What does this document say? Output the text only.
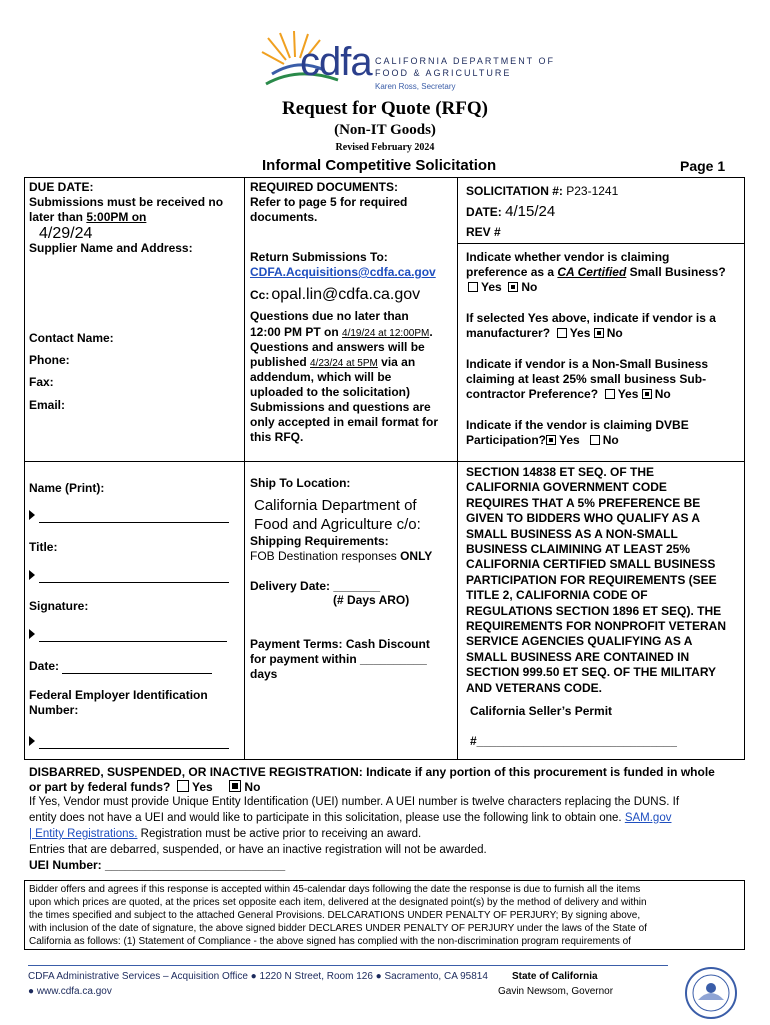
cdfa CALIFORNIA DEPARTMENT OF
FOOD & AGRICULTURE
Karen Ross, Secretary
Request for Quote (RFQ)
(Non-IT Goods)
Revised February 2024
Informal Competitive Solicitation	Page 1
DUE DATE:
Submissions must be received no
later than 5:00PM on
4/29/24
Supplier Name and Address:
Contact Name:
Phone:
Fax:
Email:
Name (Print):
Title:
Signature:
Date:
Federal Employer Identification
Number:
REQUIRED DOCUMENTS:
Refer to page 5 for required
documents.
Return Submissions To:
CDFA.Acquisitions@cdfa.ca.gov
Cc: opal.lin@cdfa.ca.gov
Questions due no later than
12:00 PM PT on 4/19/24 at 12:00PM.
Questions and answers will be
published 4/23/24 at 5PM via an
addendum, which will be
uploaded to the solicitation)
Submissions and questions are
only accepted in email format for
this RFQ.
Ship To Location:
California Department of
Food and Agriculture c/o:
Shipping Requirements:
FOB Destination responses ONLY
Delivery Date: _______
(# Days ARO)
Payment Terms: Cash Discount
for payment within __________
days
SOLICITATION #: P23-1241
DATE: 4/15/24
REV #
Indicate whether vendor is claiming
preference as a CA Certified Small Business?
Yes No
If selected Yes above, indicate if vendor is a
manufacturer? Yes No
Indicate if vendor is a Non-Small Business
claiming at least 25% small business Sub-
contractor Preference? Yes No
Indicate if the vendor is claiming DVBE
Participation? Yes No
SECTION 14838 ET SEQ. OF THE
CALIFORNIA GOVERNMENT CODE
REQUIRES THAT A 5% PREFERENCE BE
GIVEN TO BIDDERS WHO QUALIFY AS A
SMALL BUSINESS AS A NON-SMALL
BUSINESS CLAIMINING AT LEAST 25%
CALIFORNIA CERTIFIED SMALL BUSINESS
PARTICIPATION FOR REQUIREMENTS (SEE
TITLE 2, CALIFORNIA CODE OF
REGULATIONS SECTION 1896 ET SEQ). THE
REQUIREMENTS FOR NONPROFIT VETERAN
SERVICE AGENCIES QUALIFYING AS A
SMALL BUSINESS ARE CONTAINED IN
SECTION 999.50 ET SEQ. OF THE MILITARY
AND VETERANS CODE.
California Seller’s Permit
#______________________________
DISBARRED, SUSPENDED, OR INACTIVE REGISTRATION: Indicate if any portion of this procurement is funded in whole
or part by federal funds? Yes	No
If Yes, Vendor must provide Unique Entity Identification (UEI) number. A UEI number is twelve characters replacing the DUNS. If
entity does not have a UEI and would like to participate in this solicitation, please use the following link to obtain one. SAM.gov
| Entity Registrations. Registration must be active prior to receiving an award.
Entries that are debarred, suspended, or have an inactive registration will not be awarded.
UEI Number: ___________________________
Bidder offers and agrees if this response is accepted within 45-calendar days following the date the response is due to furnish all the items
upon which prices are quoted, at the prices set opposite each item, delivered at the designated point(s) by the method of delivery and within
the times specified and subject to the attached General Provisions. DELCARATIONS UNDER PENALTY OF PERJURY; By signing above,
with inclusion of the date of signature, the above signed bidder DECLARES UNDER PENALTY OF PERJURY under the laws of the State of
California as follows: (1) Statement of Compliance - the above signed has complied with the non-discrimination program requirements of
CDFA Administrative Services – Acquisition Office ● 1220 N Street, Room 126 ● Sacramento, CA 95814
● www.cdfa.ca.gov
State of California
Gavin Newsom, Governor
